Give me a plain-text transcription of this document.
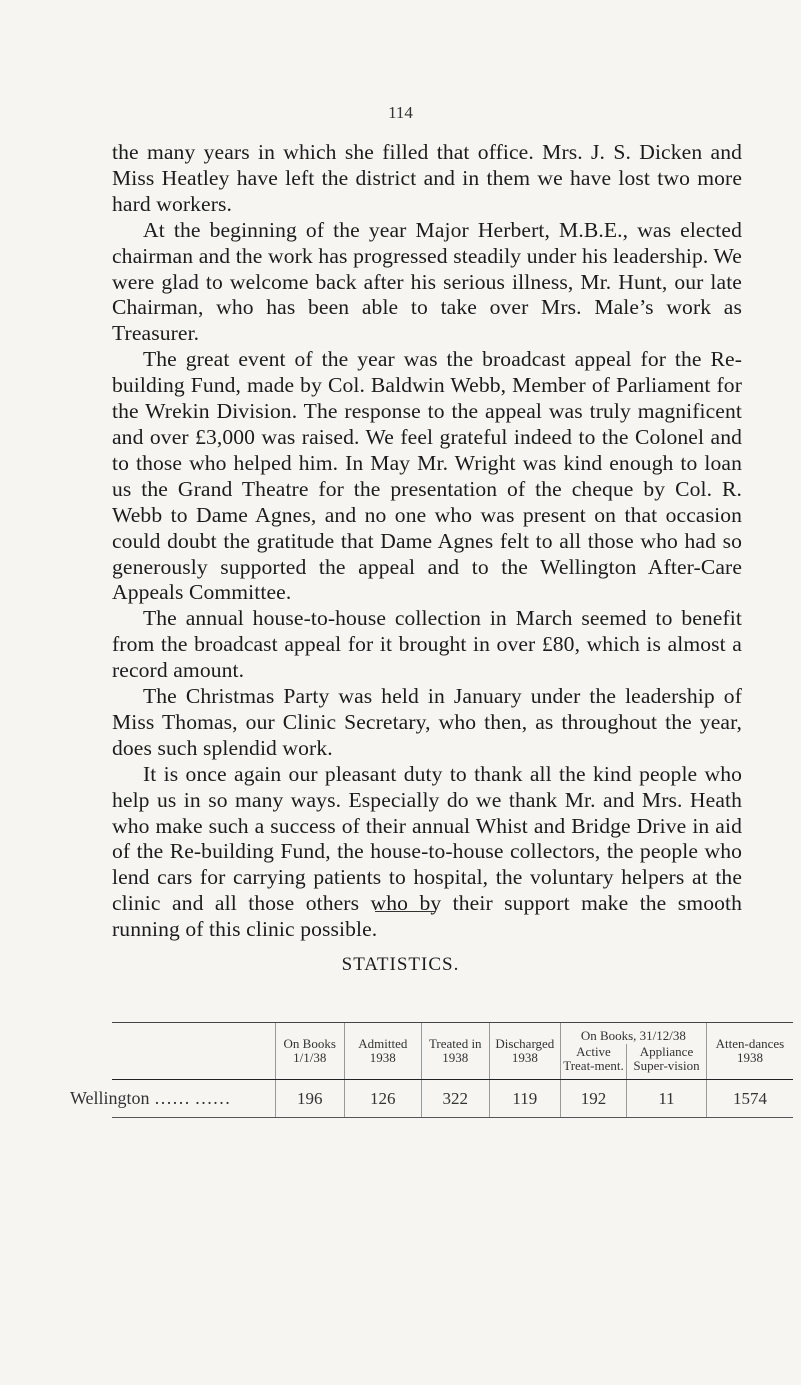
114

the many years in which she filled that office. Mrs. J. S. Dicken and Miss Heatley have left the district and in them we have lost two more hard workers.

At the beginning of the year Major Herbert, M.B.E., was elected chairman and the work has progressed steadily under his leadership. We were glad to welcome back after his serious illness, Mr. Hunt, our late Chairman, who has been able to take over Mrs. Male’s work as Treasurer.

The great event of the year was the broadcast appeal for the Re-building Fund, made by Col. Baldwin Webb, Member of Parliament for the Wrekin Division. The response to the appeal was truly magnificent and over £3,000 was raised. We feel grateful indeed to the Colonel and to those who helped him. In May Mr. Wright was kind enough to loan us the Grand Theatre for the presentation of the cheque by Col. R. Webb to Dame Agnes, and no one who was present on that occasion could doubt the gratitude that Dame Agnes felt to all those who had so generously supported the appeal and to the Wellington After-Care Appeals Committee.

The annual house-to-house collection in March seemed to benefit from the broadcast appeal for it brought in over £80, which is almost a record amount.

The Christmas Party was held in January under the leadership of Miss Thomas, our Clinic Secretary, who then, as throughout the year, does such splendid work.

It is once again our pleasant duty to thank all the kind people who help us in so many ways. Especially do we thank Mr. and Mrs. Heath who make such a success of their annual Whist and Bridge Drive in aid of the Re-building Fund, the house-to-house collectors, the people who lend cars for carrying patients to hospital, the voluntary helpers at the clinic and all those others who by their support make the smooth running of this clinic possible.

STATISTICS.
	On Books 1/1/38	Admitted 1938	Treated in 1938	Discharged 1938	On Books, 31/12/38	Atten-dances 1938
Active Treat-ment.	Appliance Super-vision
Wellington …… ……	196	126	322	119	192	11	1574
